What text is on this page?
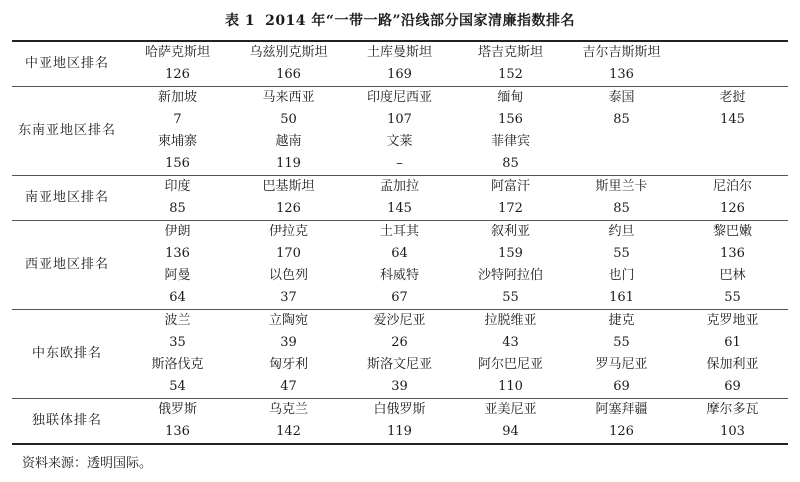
表 1 2014 年“一带一路”沿线部分国家清廉指数排名
中亚地区排名	哈萨克斯坦	乌兹别克斯坦	土库曼斯坦	塔吉克斯坦	吉尔吉斯斯坦	
	126	166	169	152	136	
东南亚地区排名	新加坡	马来西亚	印度尼西亚	缅甸	泰国	老挝
	7	50	107	156	85	145
	柬埔寨	越南	文莱	菲律宾		
	156	119	–	85		
南亚地区排名	印度	巴基斯坦	孟加拉	阿富汗	斯里兰卡	尼泊尔
	85	126	145	172	85	126
西亚地区排名	伊朗	伊拉克	土耳其	叙利亚	约旦	黎巴嫩
	136	170	64	159	55	136
	阿曼	以色列	科威特	沙特阿拉伯	也门	巴林
	64	37	67	55	161	55
中东欧排名	波兰	立陶宛	爱沙尼亚	拉脱维亚	捷克	克罗地亚
	35	39	26	43	55	61
	斯洛伐克	匈牙利	斯洛文尼亚	阿尔巴尼亚	罗马尼亚	保加利亚
	54	47	39	110	69	69
独联体排名	俄罗斯	乌克兰	白俄罗斯	亚美尼亚	阿塞拜疆	摩尔多瓦
	136	142	119	94	126	103
资料来源：透明国际。
